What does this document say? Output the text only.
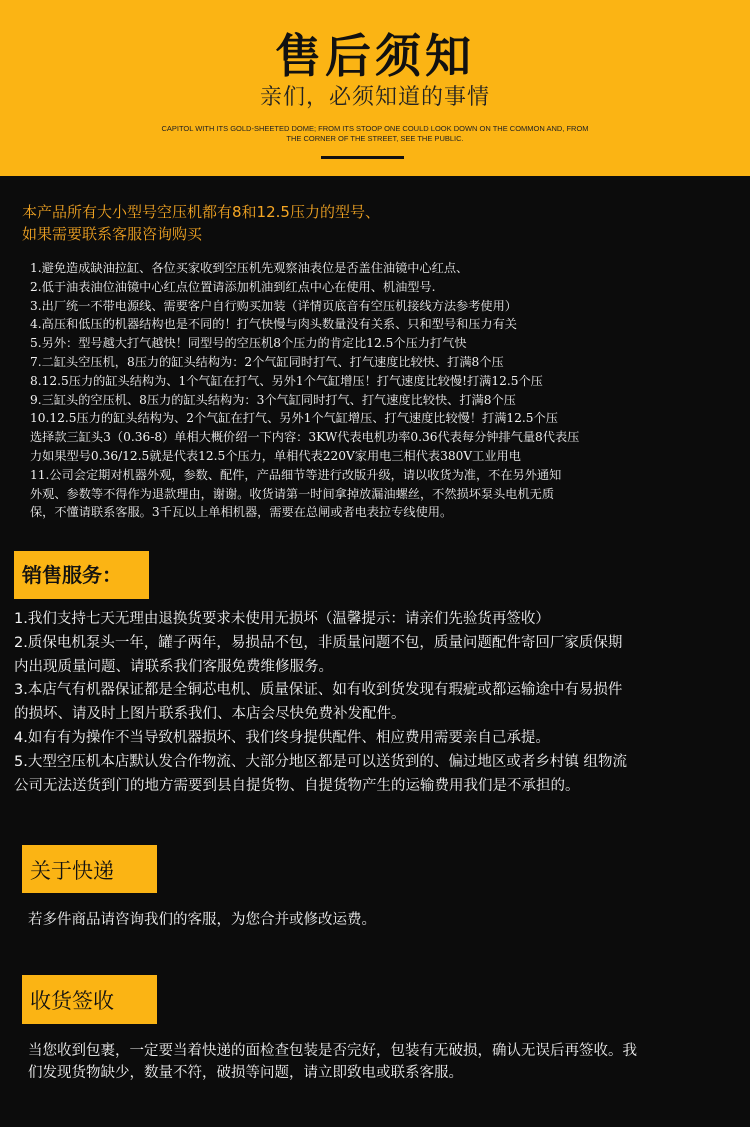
售后须知
亲们，必须知道的事情
CAPITOL WITH ITS GOLD-SHEETED DOME; FROM ITS STOOP ONE COULD LOOK DOWN ON THE COMMON AND, FROM
THE CORNER OF THE STREET, SEE THE PUBLIC.
本产品所有大小型号空压机都有8和12.5压力的型号、
如果需要联系客服咨询购买
1.避免造成缺油拉缸、各位买家收到空压机先观察油表位是否盖住油镜中心红点、
2.低于油表油位油镜中心红点位置请添加机油到红点中心在使用、机油型号.
3.出厂统一不带电源线、需要客户自行购买加装（详情页底音有空压机接线方法参考使用）
4.高压和低压的机器结构也是不同的！打气快慢与肉头数量没有关系、只和型号和压力有关
5.另外：型号越大打气越快！同型号的空压机8个压力的肯定比12.5个压力打气快
7.二缸头空压机，8压力的缸头结构为：2个气缸同时打气、打气速度比较快、打满8个压
8.12.5压力的缸头结构为、1个气缸在打气、另外1个气缸增压！打气速度比较慢!打满12.5个压
9.三缸头的空压机、8压力的缸头结构为：3个气缸同时打气、打气速度比较快、打满8个压
10.12.5压力的缸头结构为、2个气缸在打气、另外1个气缸增压、打气速度比较慢！打满12.5个压
选择款三缸头3（0.36-8）单相大概价绍一下内容：3KW代表电机功率0.36代表每分钟排气量8代表压
力如果型号0.36/12.5就是代表12.5个压力，单相代表220V家用电三相代表380V工业用电
11.公司会定期对机器外观，参数、配件，产品细节等进行改版升级，请以收货为准，不在另外通知
外观、参数等不得作为退款理由，谢谢。收货请第一时间拿掉放漏油螺丝，不然损坏泵头电机无质
保，不懂请联系客服。3千瓦以上单相机器，需要在总闸或者电表拉专线使用。
销售服务：
1.我们支持七天无理由退换货要求未使用无损坏（温馨提示：请亲们先验货再签收）
2.质保电机泵头一年，罐子两年，易损品不包，非质量问题不包，质量问题配件寄回厂家质保期
内出现质量问题、请联系我们客服免费维修服务。
3.本店气有机器保证都是全铜芯电机、质量保证、如有收到货发现有瑕疵或都运输途中有易损件
的损坏、请及时上图片联系我们、本店会尽快免费补发配件。
4.如有有为操作不当导致机器损坏、我们终身提供配件、相应费用需要亲自己承提。
5.大型空压机本店默认发合作物流、大部分地区都是可以送货到的、偏过地区或者乡村镇 组物流
公司无法送货到门的地方需要到县自提货物、自提货物产生的运输费用我们是不承担的。
关于快递
若多件商品请咨询我们的客服，为您合并或修改运费。
收货签收
当您收到包裹，一定要当着快递的面检查包装是否完好，包装有无破损，确认无误后再签收。我
们发现货物缺少，数量不符，破损等问题，请立即致电或联系客服。
